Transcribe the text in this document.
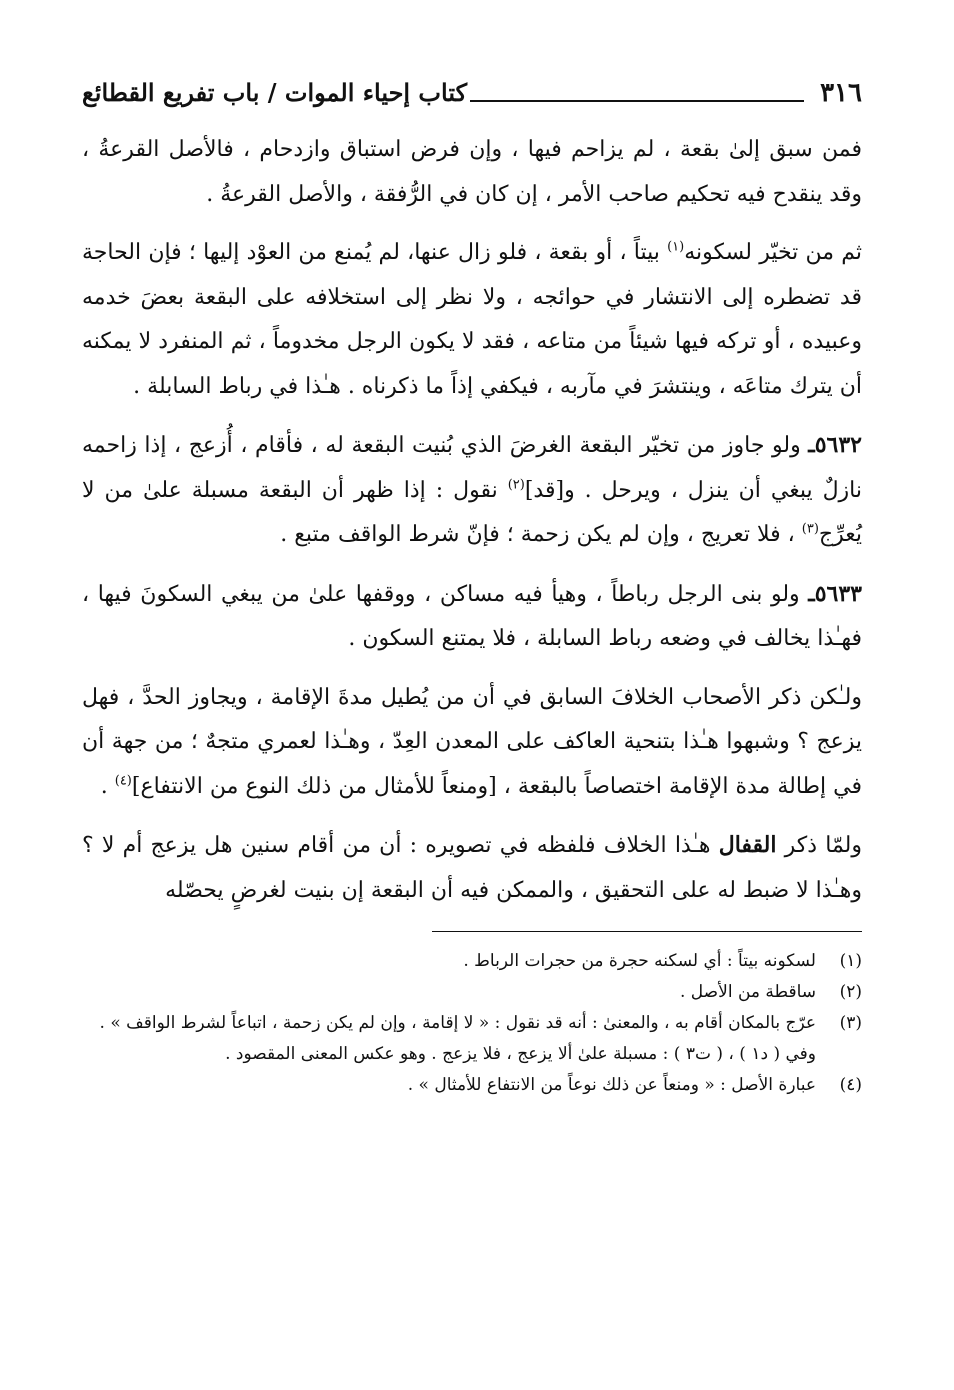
٣١٦
كتاب إحياء الموات / باب تفريع القطائع

فمن سبق إلىٰ بقعة ، لم يزاحم فيها ، وإن فرض استباق وازدحام ، فالأصل القرعةُ ، وقد ينقدح فيه تحكيم صاحب الأمر ، إن كان في الرُّفقة ، والأصل القرعةُ .

ثم من تخيّر لسكونه$^{(١)}$ بيتاً ، أو بقعة ، فلو زال عنها، لم يُمنع من العوْد إليها ؛ فإن الحاجة قد تضطره إلى الانتشار في حوائجه ، ولا نظر إلى استخلافه على البقعة بعضَ خدمه وعبيده ، أو تركه فيها شيئاً من متاعه ، فقد لا يكون الرجل مخدوماً ، ثم المنفرد لا يمكنه أن يترك متاعَه ، وينتشرَ في مآربه ، فيكفي إذاً ما ذكرناه . هـٰذا في رباط السابلة .

٥٦٣٢ـ ولو جاوز من تخيّر البقعة الغرضَ الذي بُنيت البقعة له ، فأقام ، أُزعج ، إذا زاحمه نازلٌ يبغي أن ينزل ، ويرحل . و[قد]$^{(٢)}$ نقول : إذا ظهر أن البقعة مسبلة علىٰ من لا يُعرِّج$^{(٣)}$ ، فلا تعريج ، وإن لم يكن زحمة ؛ فإنّ شرط الواقف متبع .

٥٦٣٣ـ ولو بنى الرجل رباطاً ، وهيأ فيه مساكن ، ووقفها علىٰ من يبغي السكونَ فيها ، فهـٰذا يخالف في وضعه رباط السابلة ، فلا يمتنع السكون .

ولـٰكن ذكر الأصحاب الخلافَ السابق في أن من يُطيل مدةَ الإقامة ، ويجاوز الحدَّ ، فهل يزعج ؟ وشبهوا هـٰذا بتنحية العاكف على المعدن العِدّ ، وهـٰذا لعمري متجهٌ ؛ من جهة أن في إطالة مدة الإقامة اختصاصاً بالبقعة ، [ومنعاً للأمثال من ذلك النوع من الانتفاع]$^{(٤)}$ .

ولمّا ذكر القفال هـٰذا الخلاف فلفظه في تصويره : أن من أقام سنين هل يزعج أم لا ؟ وهـٰذا لا ضبط له على التحقيق ، والممكن فيه أن البقعة إن بنيت لغرضٍ يحصّله

(١)
لسكونه بيتاً : أي لسكنه حجرة من حجرات الرباط .
(٢)
ساقطة من الأصل .
(٣)
عرّج بالمكان أقام به ، والمعنىٰ : أنه قد نقول : « لا إقامة ، وإن لم يكن زحمة ، اتباعاً لشرط الواقف » .
وفي ( د١ ) ، ( ت٣ ) : مسبلة علىٰ ألا يزعج ، فلا يزعج . وهو عكس المعنى المقصود .
(٤)
عبارة الأصل : « ومنعاً عن ذلك نوعاً من الانتفاع للأمثال » .
